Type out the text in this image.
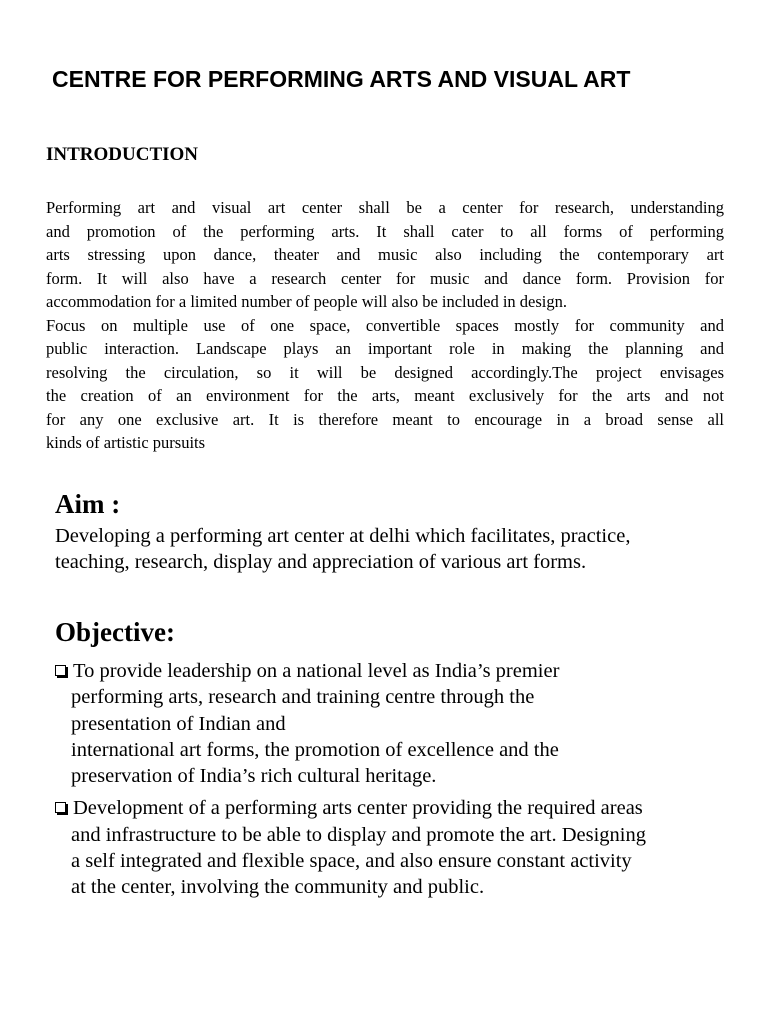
CENTRE FOR PERFORMING ARTS AND VISUAL ART
INTRODUCTION

Performing art and visual art center shall be a center for research, understanding
and promotion of the performing arts. It shall cater to all forms of performing
arts stressing upon dance, theater and music also including the contemporary art
form. It will also have a research center for music and dance form. Provision for
accommodation for a limited number of people will also be included in design.
Focus on multiple use of one space, convertible spaces mostly for community and
public interaction. Landscape plays an important role in making the planning and
resolving the circulation, so it will be designed accordingly.The project envisages
the creation of an environment for the arts, meant exclusively for the arts and not
for any one exclusive art. It is therefore meant to encourage in a broad sense all
kinds of artistic pursuits

Aim :

Developing a performing art center at delhi which facilitates, practice,
teaching, research, display and appreciation of various art forms.

Objective:
To provide leadership on a national level as India’s premier
performing arts, research and training centre through the
presentation of Indian and
international art forms, the promotion of excellence and the
preservation of India’s rich cultural heritage.
Development of a performing arts center providing the required areas
and infrastructure to be able to display and promote the art. Designing
a self integrated and flexible space, and also ensure constant activity
at the center, involving the community and public.
